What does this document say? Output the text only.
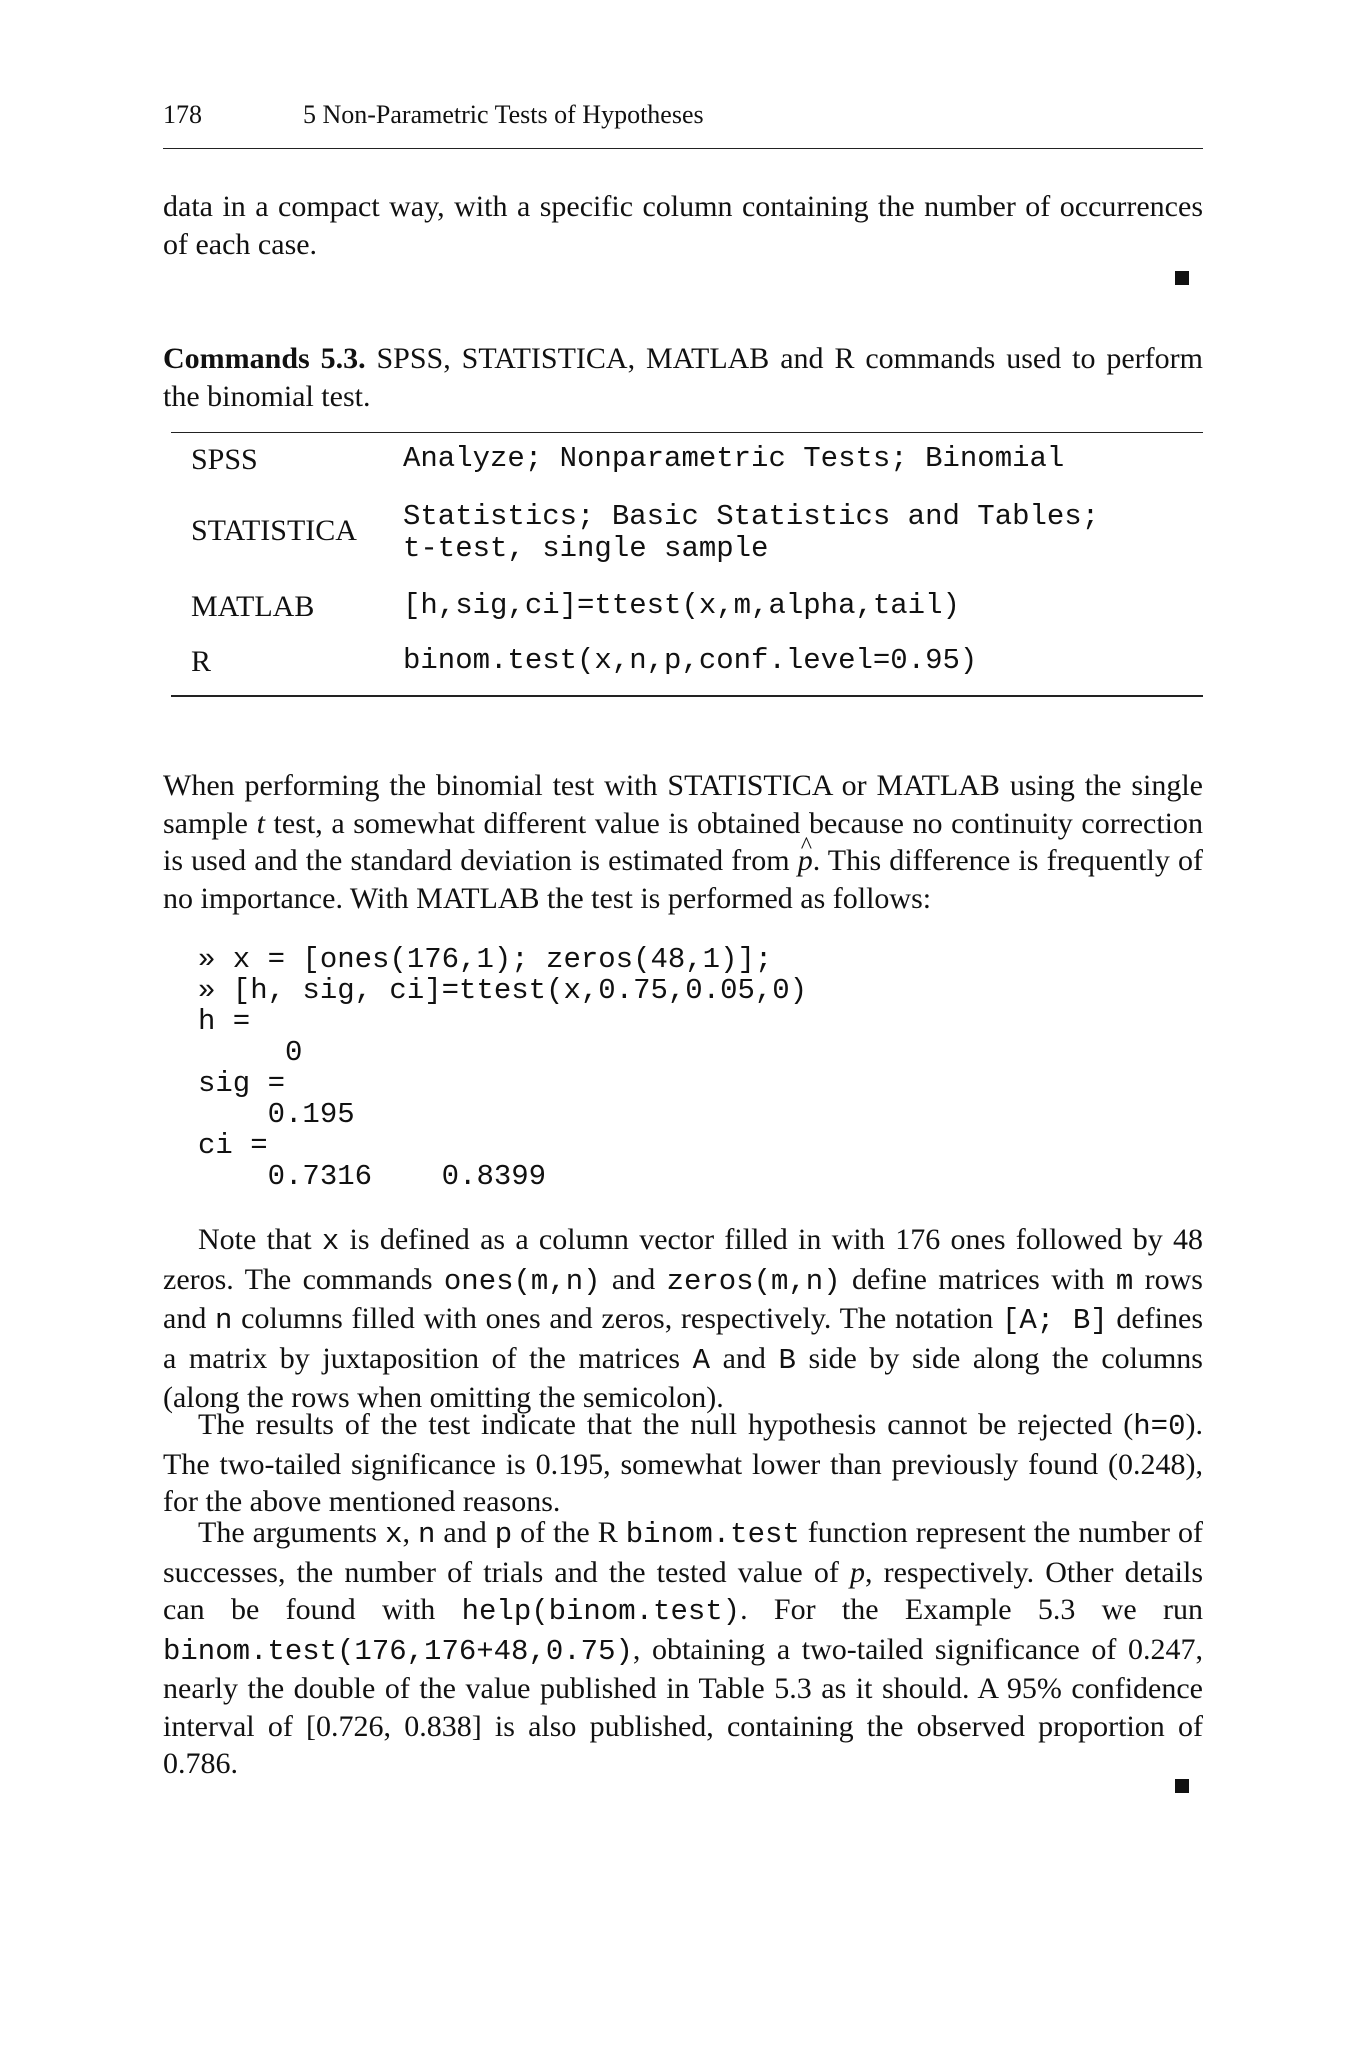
178	5 Non-Parametric Tests of Hypotheses
data in a compact way, with a specific column containing the number of occurrences of each case.
Commands 5.3. SPSS, STATISTICA, MATLAB and R commands used to perform the binomial test.
SPSS	Analyze; Nonparametric Tests; Binomial
STATISTICA Statistics; Basic Statistics and Tables;
t-test, single sample
MATLAB	[h,sig,ci]=ttest(x,m,alpha,tail)
R	binom.test(x,n,p,conf.level=0.95)
When performing the binomial test with STATISTICA or MATLAB using the single sample t test, a somewhat different value is obtained because no continuity correction is used and the standard deviation is estimated from ^ p. This difference is frequently of no importance. With MATLAB the test is performed as follows:
» x = [ones(176,1); zeros(48,1)];
» [h, sig, ci]=ttest(x,0.75,0.05,0)
h =
0
sig =
0.195
ci =
0.7316    0.8399
Note that x is defined as a column vector filled in with 176 ones followed by 48 zeros. The commands ones(m,n) and zeros(m,n) define matrices with m rows and n columns filled with ones and zeros, respectively. The notation [A; B] defines a matrix by juxtaposition of the matrices A and B side by side along the columns (along the rows when omitting the semicolon).
The results of the test indicate that the null hypothesis cannot be rejected (h=0). The two-tailed significance is 0.195, somewhat lower than previously found (0.248), for the above mentioned reasons.
The arguments x, n and p of the R binom.test function represent the number of successes, the number of trials and the tested value of p, respectively. Other details can be found with help(binom.test). For the Example 5.3 we run binom.test(176,176+48,0.75), obtaining a two-tailed significance of 0.247, nearly the double of the value published in Table 5.3 as it should. A 95% confidence interval of [0.726, 0.838] is also published, containing the observed proportion of 0.786.
